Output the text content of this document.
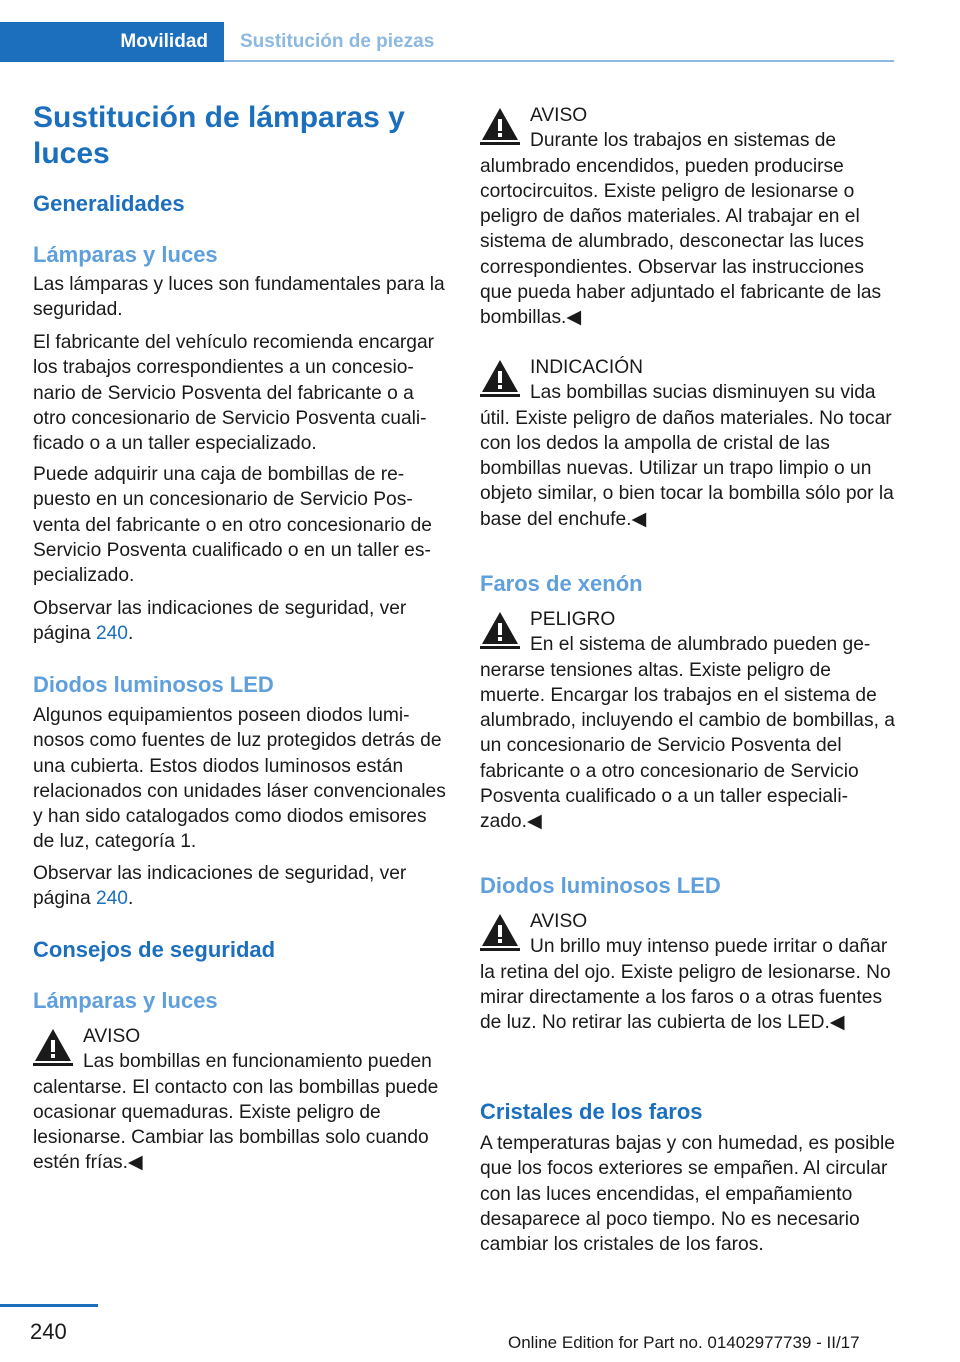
Movilidad	Sustitución de piezas
Sustitución de lámparas y luces
Generalidades
Lámparas y luces
Las lámparas y luces son fundamentales para la seguridad.
El fabricante del vehículo recomienda encargar los trabajos correspondientes a un concesionario de Servicio Posventa del fabricante o a otro concesionario de Servicio Posventa cualificado o a un taller especializado.
Puede adquirir una caja de bombillas de repuesto en un concesionario de Servicio Posventa del fabricante o en otro concesionario de Servicio Posventa cualificado o en un taller especializado.
Observar las indicaciones de seguridad, ver página 240.
Diodos luminosos LED
Algunos equipamientos poseen diodos luminosos como fuentes de luz protegidos detrás de una cubierta. Estos diodos luminosos están relacionados con unidades láser convencionales y han sido catalogados como diodos emisores de luz, categoría 1.
Observar las indicaciones de seguridad, ver página 240.
Consejos de seguridad
Lámparas y luces
AVISO
Las bombillas en funcionamiento pueden calentarse. El contacto con las bombillas puede ocasionar quemaduras. Existe peligro de lesionarse. Cambiar las bombillas solo cuando estén frías.◀
AVISO
Durante los trabajos en sistemas de alumbrado encendidos, pueden producirse cortocircuitos. Existe peligro de lesionarse o peligro de daños materiales. Al trabajar en el sistema de alumbrado, desconectar las luces correspondientes. Observar las instrucciones que pueda haber adjuntado el fabricante de las bombillas.◀
INDICACIÓN
Las bombillas sucias disminuyen su vida útil. Existe peligro de daños materiales. No tocar con los dedos la ampolla de cristal de las bombillas nuevas. Utilizar un trapo limpio o un objeto similar, o bien tocar la bombilla sólo por la base del enchufe.◀
Faros de xenón
PELIGRO
En el sistema de alumbrado pueden generarse tensiones altas. Existe peligro de muerte. Encargar los trabajos en el sistema de alumbrado, incluyendo el cambio de bombillas, a un concesionario de Servicio Posventa del fabricante o a otro concesionario de Servicio Posventa cualificado o a un taller especializado.◀
Diodos luminosos LED
AVISO
Un brillo muy intenso puede irritar o dañar la retina del ojo. Existe peligro de lesionarse. No mirar directamente a los faros o a otras fuentes de luz. No retirar las cubierta de los LED.◀
Cristales de los faros
A temperaturas bajas y con humedad, es posible que los focos exteriores se empañen. Al circular con las luces encendidas, el empañamiento desaparece al poco tiempo. No es necesario cambiar los cristales de los faros.
240	Online Edition for Part no. 01402977739 - II/17
